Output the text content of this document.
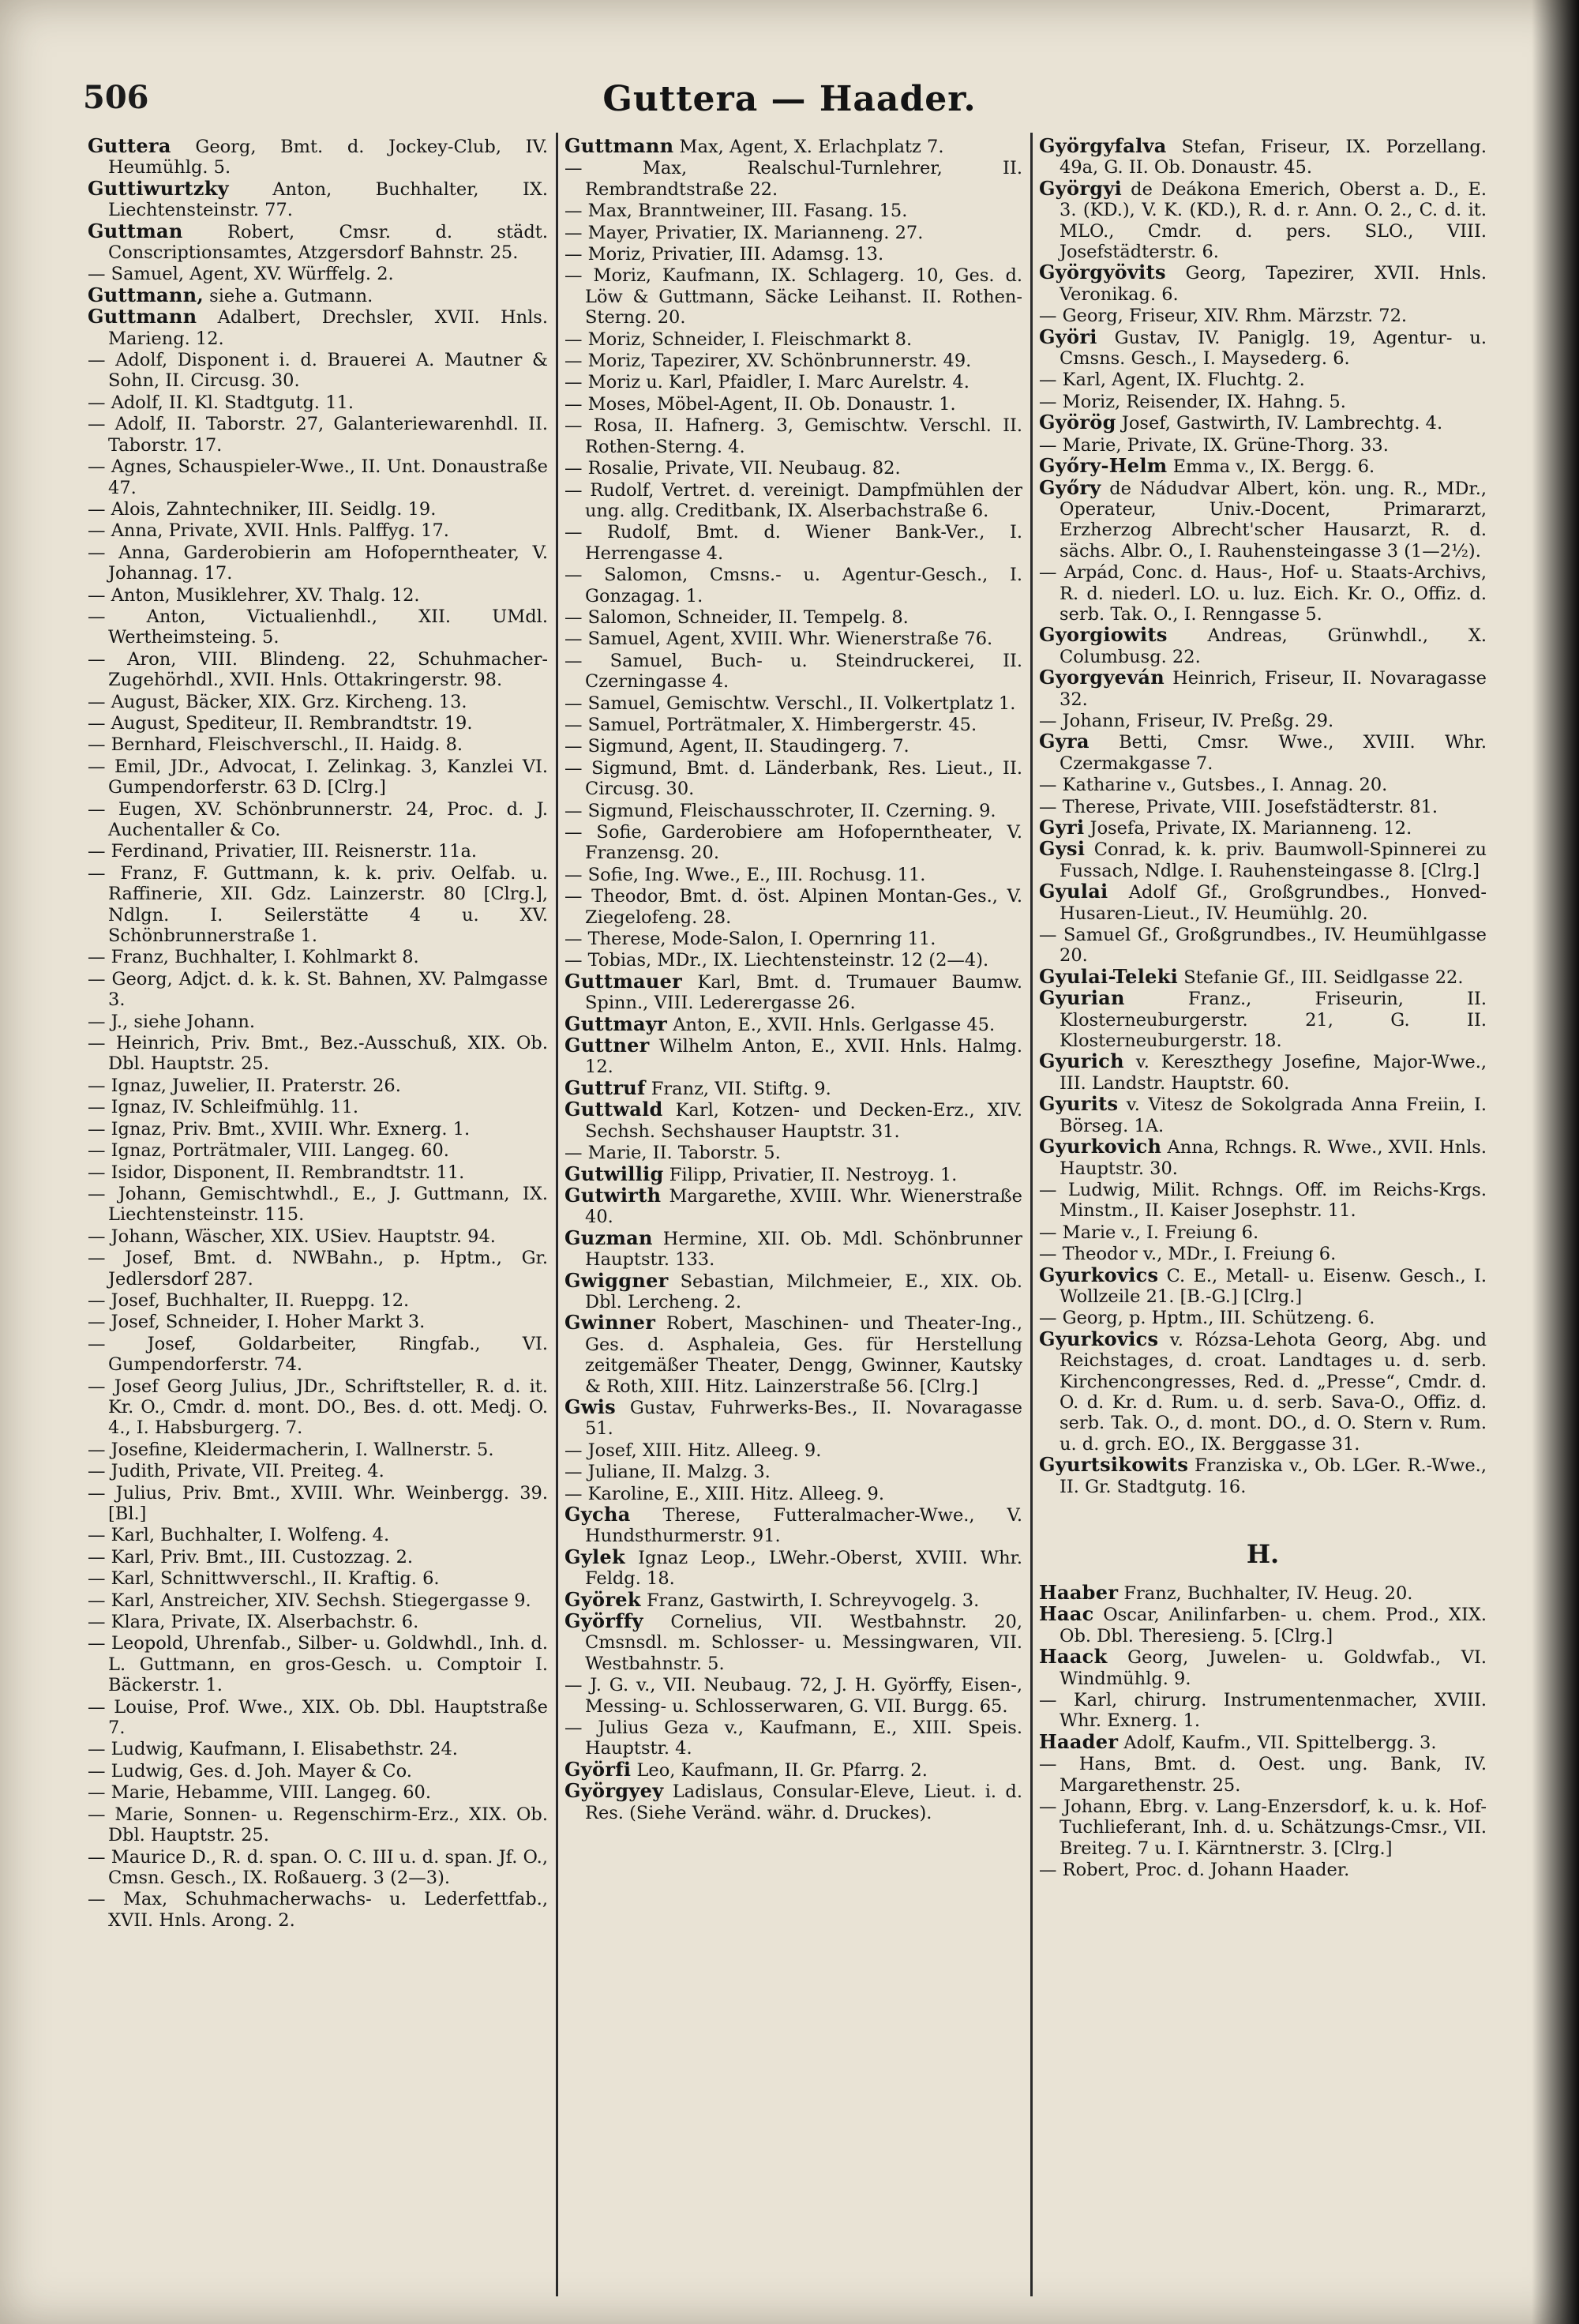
506	Guttera — Haader.

Guttera Georg, Bmt. d. Jockey-Club, IV. Heumühlg. 5.

Guttiwurtzky Anton, Buchhalter, IX. Liechtensteinstr. 77.

Guttman Robert, Cmsr. d. städt. Conscriptionsamtes, Atzgersdorf Bahnstr. 25.

— Samuel, Agent, XV. Würffelg. 2.

Guttmann, siehe a. Gutmann.

Guttmann Adalbert, Drechsler, XVII. Hnls. Marieng. 12.

— Adolf, Disponent i. d. Brauerei A. Mautner & Sohn, II. Circusg. 30.

— Adolf, II. Kl. Stadtgutg. 11.

— Adolf, II. Taborstr. 27, Galanteriewarenhdl. II. Taborstr. 17.

— Agnes, Schauspieler-Wwe., II. Unt. Donaustraße 47.

— Alois, Zahntechniker, III. Seidlg. 19.

— Anna, Private, XVII. Hnls. Palffyg. 17.

— Anna, Garderobierin am Hofoperntheater, V. Johannag. 17.

— Anton, Musiklehrer, XV. Thalg. 12.

— Anton, Victualienhdl., XII. UMdl. Wertheimsteing. 5.

— Aron, VIII. Blindeng. 22, Schuhmacher-Zugehörhdl., XVII. Hnls. Ottakringerstr. 98.

— August, Bäcker, XIX. Grz. Kircheng. 13.

— August, Spediteur, II. Rembrandtstr. 19.

— Bernhard, Fleischverschl., II. Haidg. 8.

— Emil, JDr., Advocat, I. Zelinkag. 3, Kanzlei VI. Gumpendorferstr. 63 D. [Clrg.]

— Eugen, XV. Schönbrunnerstr. 24, Proc. d. J. Auchentaller & Co.

— Ferdinand, Privatier, III. Reisnerstr. 11a.

— Franz, F. Guttmann, k. k. priv. Oelfab. u. Raffinerie, XII. Gdz. Lainzerstr. 80 [Clrg.], Ndlgn. I. Seilerstätte 4 u. XV. Schönbrunnerstraße 1.

— Franz, Buchhalter, I. Kohlmarkt 8.

— Georg, Adjct. d. k. k. St. Bahnen, XV. Palmgasse 3.

— J., siehe Johann.

— Heinrich, Priv. Bmt., Bez.-Ausschuß, XIX. Ob. Dbl. Hauptstr. 25.

— Ignaz, Juwelier, II. Praterstr. 26.

— Ignaz, IV. Schleifmühlg. 11.

— Ignaz, Priv. Bmt., XVIII. Whr. Exnerg. 1.

— Ignaz, Porträtmaler, VIII. Langeg. 60.

— Isidor, Disponent, II. Rembrandtstr. 11.

— Johann, Gemischtwhdl., E., J. Guttmann, IX. Liechtensteinstr. 115.

— Johann, Wäscher, XIX. USiev. Hauptstr. 94.

— Josef, Bmt. d. NWBahn., p. Hptm., Gr. Jedlersdorf 287.

— Josef, Buchhalter, II. Rueppg. 12.

— Josef, Schneider, I. Hoher Markt 3.

— Josef, Goldarbeiter, Ringfab., VI. Gumpendorferstr. 74.

— Josef Georg Julius, JDr., Schriftsteller, R. d. it. Kr. O., Cmdr. d. mont. DO., Bes. d. ott. Medj. O. 4., I. Habsburgerg. 7.

— Josefine, Kleidermacherin, I. Wallnerstr. 5.

— Judith, Private, VII. Preiteg. 4.

— Julius, Priv. Bmt., XVIII. Whr. Weinbergg. 39. [Bl.]

— Karl, Buchhalter, I. Wolfeng. 4.

— Karl, Priv. Bmt., III. Custozzag. 2.

— Karl, Schnittwverschl., II. Kraftig. 6.

— Karl, Anstreicher, XIV. Sechsh. Stiegergasse 9.

— Klara, Private, IX. Alserbachstr. 6.

— Leopold, Uhrenfab., Silber- u. Goldwhdl., Inh. d. L. Guttmann, en gros-Gesch. u. Comptoir I. Bäckerstr. 1.

— Louise, Prof. Wwe., XIX. Ob. Dbl. Hauptstraße 7.

— Ludwig, Kaufmann, I. Elisabethstr. 24.

— Ludwig, Ges. d. Joh. Mayer & Co.

— Marie, Hebamme, VIII. Langeg. 60.

— Marie, Sonnen- u. Regenschirm-Erz., XIX. Ob. Dbl. Hauptstr. 25.

— Maurice D., R. d. span. O. C. III u. d. span. Jf. O., Cmsn. Gesch., IX. Roßauerg. 3 (2—3).

— Max, Schuhmacherwachs- u. Lederfettfab., XVII. Hnls. Arong. 2.

Guttmann Max, Agent, X. Erlachplatz 7.

— Max, Realschul-Turnlehrer, II. Rembrandtstraße 22.

— Max, Branntweiner, III. Fasang. 15.

— Mayer, Privatier, IX. Marianneng. 27.

— Moriz, Privatier, III. Adamsg. 13.

— Moriz, Kaufmann, IX. Schlagerg. 10, Ges. d. Löw & Guttmann, Säcke Leihanst. II. Rothen-Sterng. 20.

— Moriz, Schneider, I. Fleischmarkt 8.

— Moriz, Tapezirer, XV. Schönbrunnerstr. 49.

— Moriz u. Karl, Pfaidler, I. Marc Aurelstr. 4.

— Moses, Möbel-Agent, II. Ob. Donaustr. 1.

— Rosa, II. Hafnerg. 3, Gemischtw. Verschl. II. Rothen-Sterng. 4.

— Rosalie, Private, VII. Neubaug. 82.

— Rudolf, Vertret. d. vereinigt. Dampfmühlen der ung. allg. Creditbank, IX. Alserbachstraße 6.

— Rudolf, Bmt. d. Wiener Bank-Ver., I. Herrengasse 4.

— Salomon, Cmsns.- u. Agentur-Gesch., I. Gonzagag. 1.

— Salomon, Schneider, II. Tempelg. 8.

— Samuel, Agent, XVIII. Whr. Wienerstraße 76.

— Samuel, Buch- u. Steindruckerei, II. Czerningasse 4.

— Samuel, Gemischtw. Verschl., II. Volkertplatz 1.

— Samuel, Porträtmaler, X. Himbergerstr. 45.

— Sigmund, Agent, II. Staudingerg. 7.

— Sigmund, Bmt. d. Länderbank, Res. Lieut., II. Circusg. 30.

— Sigmund, Fleischausschroter, II. Czerning. 9.

— Sofie, Garderobiere am Hofoperntheater, V. Franzensg. 20.

— Sofie, Ing. Wwe., E., III. Rochusg. 11.

— Theodor, Bmt. d. öst. Alpinen Montan-Ges., V. Ziegelofeng. 28.

— Therese, Mode-Salon, I. Opernring 11.

— Tobias, MDr., IX. Liechtensteinstr. 12 (2—4).

Guttmauer Karl, Bmt. d. Trumauer Baumw. Spinn., VIII. Lederergasse 26.

Guttmayr Anton, E., XVII. Hnls. Gerlgasse 45.

Guttner Wilhelm Anton, E., XVII. Hnls. Halmg. 12.

Guttruf Franz, VII. Stiftg. 9.

Guttwald Karl, Kotzen- und Decken-Erz., XIV. Sechsh. Sechshauser Hauptstr. 31.

— Marie, II. Taborstr. 5.

Gutwillig Filipp, Privatier, II. Nestroyg. 1.

Gutwirth Margarethe, XVIII. Whr. Wienerstraße 40.

Guzman Hermine, XII. Ob. Mdl. Schönbrunner Hauptstr. 133.

Gwiggner Sebastian, Milchmeier, E., XIX. Ob. Dbl. Lercheng. 2.

Gwinner Robert, Maschinen- und Theater-Ing., Ges. d. Asphaleia, Ges. für Herstellung zeitgemäßer Theater, Dengg, Gwinner, Kautsky & Roth, XIII. Hitz. Lainzerstraße 56. [Clrg.]

Gwis Gustav, Fuhrwerks-Bes., II. Novaragasse 51.

— Josef, XIII. Hitz. Alleeg. 9.

— Juliane, II. Malzg. 3.

— Karoline, E., XIII. Hitz. Alleeg. 9.

Gycha Therese, Futteralmacher-Wwe., V. Hundsthurmerstr. 91.

Gylek Ignaz Leop., LWehr.-Oberst, XVIII. Whr. Feldg. 18.

Györek Franz, Gastwirth, I. Schreyvogelg. 3.

Györffy Cornelius, VII. Westbahnstr. 20, Cmsnsdl. m. Schlosser- u. Messingwaren, VII. Westbahnstr. 5.

— J. G. v., VII. Neubaug. 72, J. H. Györffy, Eisen-, Messing- u. Schlosserwaren, G. VII. Burgg. 65.

— Julius Geza v., Kaufmann, E., XIII. Speis. Hauptstr. 4.

Györfi Leo, Kaufmann, II. Gr. Pfarrg. 2.

Györgyey Ladislaus, Consular-Eleve, Lieut. i. d. Res. (Siehe Veränd. währ. d. Druckes).

Györgyfalva Stefan, Friseur, IX. Porzellang. 49a, G. II. Ob. Donaustr. 45.

Györgyi de Deákona Emerich, Oberst a. D., E. 3. (KD.), V. K. (KD.), R. d. r. Ann. O. 2., C. d. it. MLO., Cmdr. d. pers. SLO., VIII. Josefstädterstr. 6.

Györgyövits Georg, Tapezirer, XVII. Hnls. Veronikag. 6.

— Georg, Friseur, XIV. Rhm. Märzstr. 72.

Györi Gustav, IV. Paniglg. 19, Agentur- u. Cmsns. Gesch., I. Maysederg. 6.

— Karl, Agent, IX. Fluchtg. 2.

— Moriz, Reisender, IX. Hahng. 5.

Györög Josef, Gastwirth, IV. Lambrechtg. 4.

— Marie, Private, IX. Grüne-Thorg. 33.

Győry-Helm Emma v., IX. Bergg. 6.

Győry de Nádudvar Albert, kön. ung. R., MDr., Operateur, Univ.-Docent, Primararzt, Erzherzog Albrecht'scher Hausarzt, R. d. sächs. Albr. O., I. Rauhensteingasse 3 (1—2½).

— Arpád, Conc. d. Haus-, Hof- u. Staats-Archivs, R. d. niederl. LO. u. luz. Eich. Kr. O., Offiz. d. serb. Tak. O., I. Renngasse 5.

Gyorgiowits Andreas, Grünwhdl., X. Columbusg. 22.

Gyorgyeván Heinrich, Friseur, II. Novaragasse 32.

— Johann, Friseur, IV. Preßg. 29.

Gyra Betti, Cmsr. Wwe., XVIII. Whr. Czermakgasse 7.

— Katharine v., Gutsbes., I. Annag. 20.

— Therese, Private, VIII. Josefstädterstr. 81.

Gyri Josefa, Private, IX. Marianneng. 12.

Gysi Conrad, k. k. priv. Baumwoll-Spinnerei zu Fussach, Ndlge. I. Rauhensteingasse 8. [Clrg.]

Gyulai Adolf Gf., Großgrundbes., Honved-Husaren-Lieut., IV. Heumühlg. 20.

— Samuel Gf., Großgrundbes., IV. Heumühlgasse 20.

Gyulai-Teleki Stefanie Gf., III. Seidlgasse 22.

Gyurian Franz., Friseurin, II. Klosterneuburgerstr. 21, G. II. Klosterneuburgerstr. 18.

Gyurich v. Kereszthegy Josefine, Major-Wwe., III. Landstr. Hauptstr. 60.

Gyurits v. Vitesz de Sokolgrada Anna Freiin, I. Börseg. 1A.

Gyurkovich Anna, Rchngs. R. Wwe., XVII. Hnls. Hauptstr. 30.

— Ludwig, Milit. Rchngs. Off. im Reichs-Krgs. Minstm., II. Kaiser Josephstr. 11.

— Marie v., I. Freiung 6.

— Theodor v., MDr., I. Freiung 6.

Gyurkovics C. E., Metall- u. Eisenw. Gesch., I. Wollzeile 21. [B.-G.] [Clrg.]

— Georg, p. Hptm., III. Schützeng. 6.

Gyurkovics v. Rózsa-Lehota Georg, Abg. und Reichstages, d. croat. Landtages u. d. serb. Kirchencongresses, Red. d. „Presse“, Cmdr. d. O. d. Kr. d. Rum. u. d. serb. Sava-O., Offiz. d. serb. Tak. O., d. mont. DO., d. O. Stern v. Rum. u. d. grch. EO., IX. Berggasse 31.

Gyurtsikowits Franziska v., Ob. LGer. R.-Wwe., II. Gr. Stadtgutg. 16.

H.

Haaber Franz, Buchhalter, IV. Heug. 20.

Haac Oscar, Anilinfarben- u. chem. Prod., XIX. Ob. Dbl. Theresieng. 5. [Clrg.]

Haack Georg, Juwelen- u. Goldwfab., VI. Windmühlg. 9.

— Karl, chirurg. Instrumentenmacher, XVIII. Whr. Exnerg. 1.

Haader Adolf, Kaufm., VII. Spittelbergg. 3.

— Hans, Bmt. d. Oest. ung. Bank, IV. Margarethenstr. 25.

— Johann, Ebrg. v. Lang-Enzersdorf, k. u. k. Hof-Tuchlieferant, Inh. d. u. Schätzungs-Cmsr., VII. Breiteg. 7 u. I. Kärntnerstr. 3. [Clrg.]

— Robert, Proc. d. Johann Haader.
